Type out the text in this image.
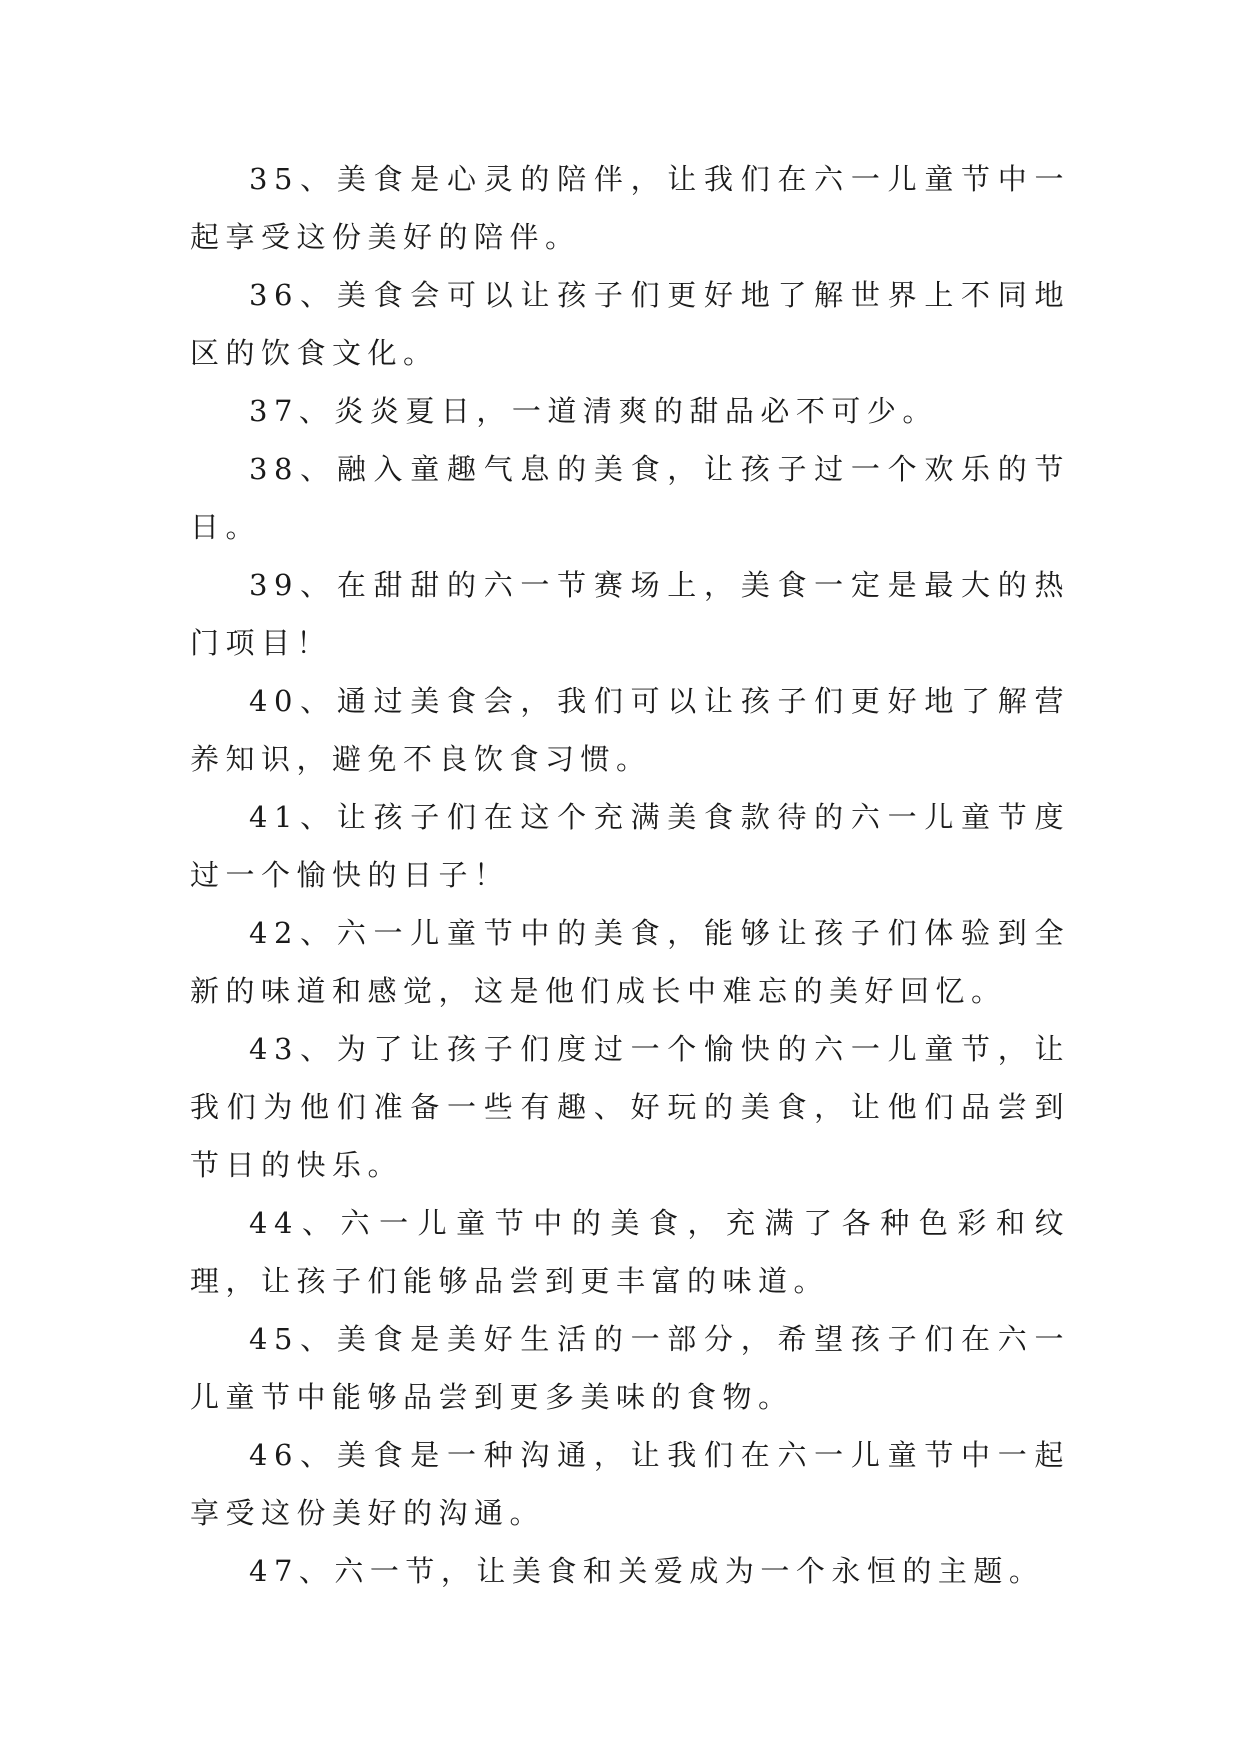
35、美食是心灵的陪伴，让我们在六一儿童节中一起享受这份美好的陪伴。

36、美食会可以让孩子们更好地了解世界上不同地区的饮食文化。

37、炎炎夏日，一道清爽的甜品必不可少。

38、融入童趣气息的美食，让孩子过一个欢乐的节日。

39、在甜甜的六一节赛场上，美食一定是最大的热门项目！

40、通过美食会，我们可以让孩子们更好地了解营养知识，避免不良饮食习惯。

41、让孩子们在这个充满美食款待的六一儿童节度过一个愉快的日子！

42、六一儿童节中的美食，能够让孩子们体验到全新的味道和感觉，这是他们成长中难忘的美好回忆。

43、为了让孩子们度过一个愉快的六一儿童节，让我们为他们准备一些有趣、好玩的美食，让他们品尝到节日的快乐。

44、六一儿童节中的美食，充满了各种色彩和纹理，让孩子们能够品尝到更丰富的味道。

45、美食是美好生活的一部分，希望孩子们在六一儿童节中能够品尝到更多美味的食物。

46、美食是一种沟通，让我们在六一儿童节中一起享受这份美好的沟通。

47、六一节，让美食和关爱成为一个永恒的主题。
